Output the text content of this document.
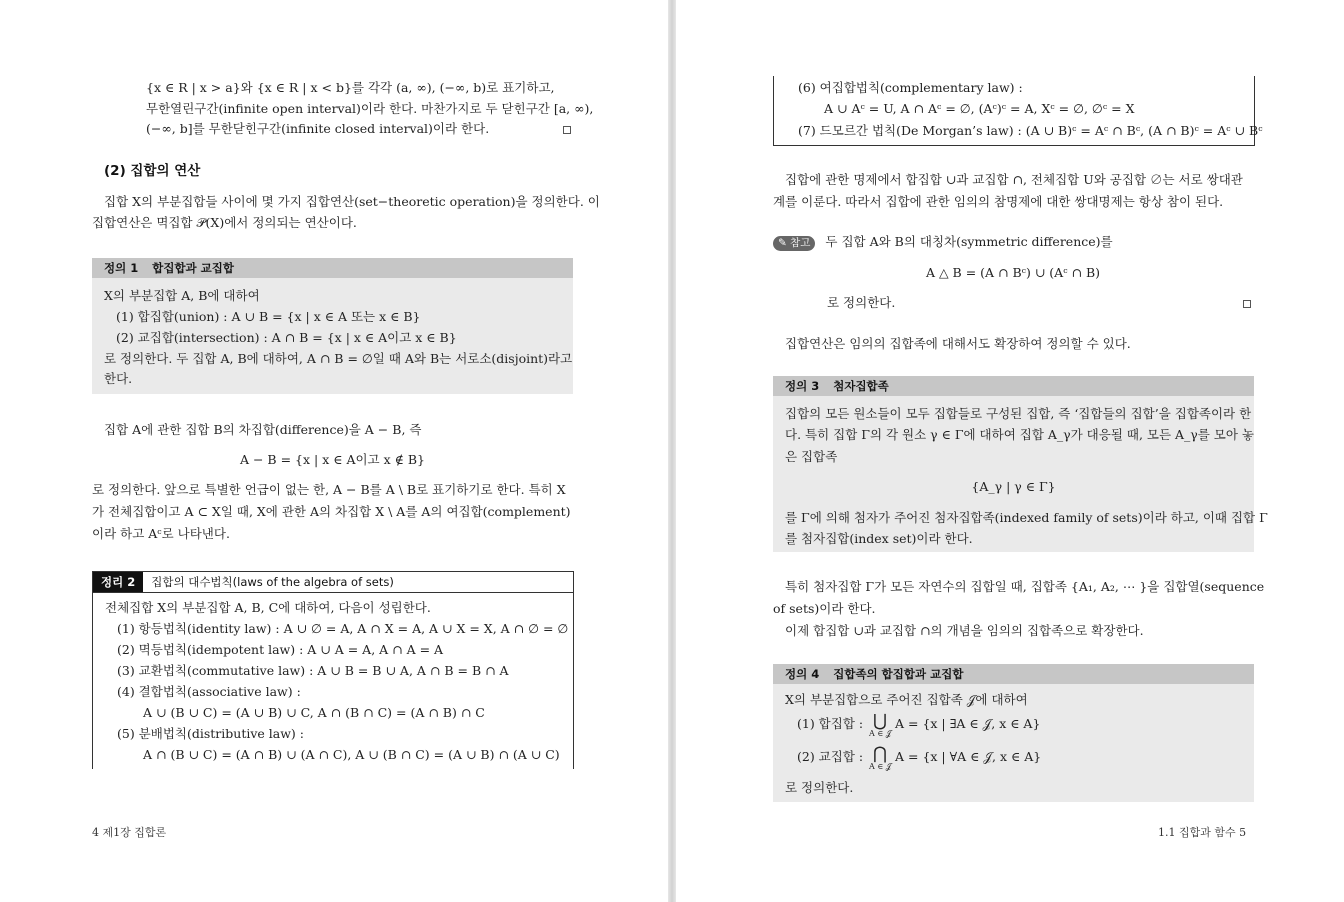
{x ∈ R | x > a}와 {x ∈ R | x < b}를 각각 (a, ∞), (−∞, b)로 표기하고,
무한열린구간(infinite open interval)이라 한다. 마찬가지로 두 닫힌구간 [a, ∞),
(−∞, b]를 무한닫힌구간(infinite closed interval)이라 한다.
(2) 집합의 연산
집합 X의 부분집합들 사이에 몇 가지 집합연산(set−theoretic operation)을 정의한다. 이
집합연산은 멱집합 𝒫(X)에서 정의되는 연산이다.
정의 1 합집합과 교집합
X의 부분집합 A, B에 대하여
(1) 합집합(union) : A ∪ B = {x | x ∈ A 또는 x ∈ B}
(2) 교집합(intersection) : A ∩ B = {x | x ∈ A이고 x ∈ B}
로 정의한다. 두 집합 A, B에 대하여, A ∩ B = ∅일 때 A와 B는 서로소(disjoint)라고
한다.
집합 A에 관한 집합 B의 차집합(difference)을 A − B, 즉
A − B = {x | x ∈ A이고 x ∉ B}
로 정의한다. 앞으로 특별한 언급이 없는 한, A − B를 A \ B로 표기하기로 한다. 특히 X
가 전체집합이고 A ⊂ X일 때, X에 관한 A의 차집합 X \ A를 A의 여집합(complement)
이라 하고 Aᶜ로 나타낸다.
정리 2 집합의 대수법칙(laws of the algebra of sets)
전체집합 X의 부분집합 A, B, C에 대하여, 다음이 성립한다.
(1) 항등법칙(identity law) : A ∪ ∅ = A, A ∩ X = A, A ∪ X = X, A ∩ ∅ = ∅
(2) 멱등법칙(idempotent law) : A ∪ A = A, A ∩ A = A
(3) 교환법칙(commutative law) : A ∪ B = B ∪ A, A ∩ B = B ∩ A
(4) 결합법칙(associative law) :
A ∪ (B ∪ C) = (A ∪ B) ∪ C, A ∩ (B ∩ C) = (A ∩ B) ∩ C
(5) 분배법칙(distributive law) :
A ∩ (B ∪ C) = (A ∩ B) ∪ (A ∩ C), A ∪ (B ∩ C) = (A ∪ B) ∩ (A ∪ C)
4 제1장 집합론
(6) 여집합법칙(complementary law) :
A ∪ Aᶜ = U, A ∩ Aᶜ = ∅, (Aᶜ)ᶜ = A, Xᶜ = ∅, ∅ᶜ = X
(7) 드모르간 법칙(De Morgan’s law) : (A ∪ B)ᶜ = Aᶜ ∩ Bᶜ, (A ∩ B)ᶜ = Aᶜ ∪ Bᶜ
집합에 관한 명제에서 합집합 ∪과 교집합 ∩, 전체집합 U와 공집합 ∅는 서로 쌍대관
계를 이룬다. 따라서 집합에 관한 임의의 참명제에 대한 쌍대명제는 항상 참이 된다.
✎ 참고 두 집합 A와 B의 대칭차(symmetric difference)를
A △ B = (A ∩ Bᶜ) ∪ (Aᶜ ∩ B)
로 정의한다.
집합연산은 임의의 집합족에 대해서도 확장하여 정의할 수 있다.
정의 3 첨자집합족
집합의 모든 원소들이 모두 집합들로 구성된 집합, 즉 ‘집합들의 집합’을 집합족이라 한
다. 특히 집합 Γ의 각 원소 γ ∈ Γ에 대하여 집합 A_γ가 대응될 때, 모든 A_γ를 모아 놓
은 집합족
{A_γ | γ ∈ Γ}
를 Γ에 의해 첨자가 주어진 첨자집합족(indexed family of sets)이라 하고, 이때 집합 Γ
를 첨자집합(index set)이라 한다.
특히 첨자집합 Γ가 모든 자연수의 집합일 때, 집합족 {A₁, A₂, ⋯ }을 집합열(sequence
of sets)이라 한다.
이제 합집합 ∪과 교집합 ∩의 개념을 임의의 집합족으로 확장한다.
정의 4 집합족의 합집합과 교집합
X의 부분집합으로 주어진 집합족 𝒥에 대하여
(1) 합집합 : ⋃
A ∈ 𝒥
A = {x | ∃A ∈ 𝒥, x ∈ A}
(2) 교집합 : ⋂
A ∈ 𝒥
A = {x | ∀A ∈ 𝒥, x ∈ A}
로 정의한다.
1.1 집합과 함수 5
